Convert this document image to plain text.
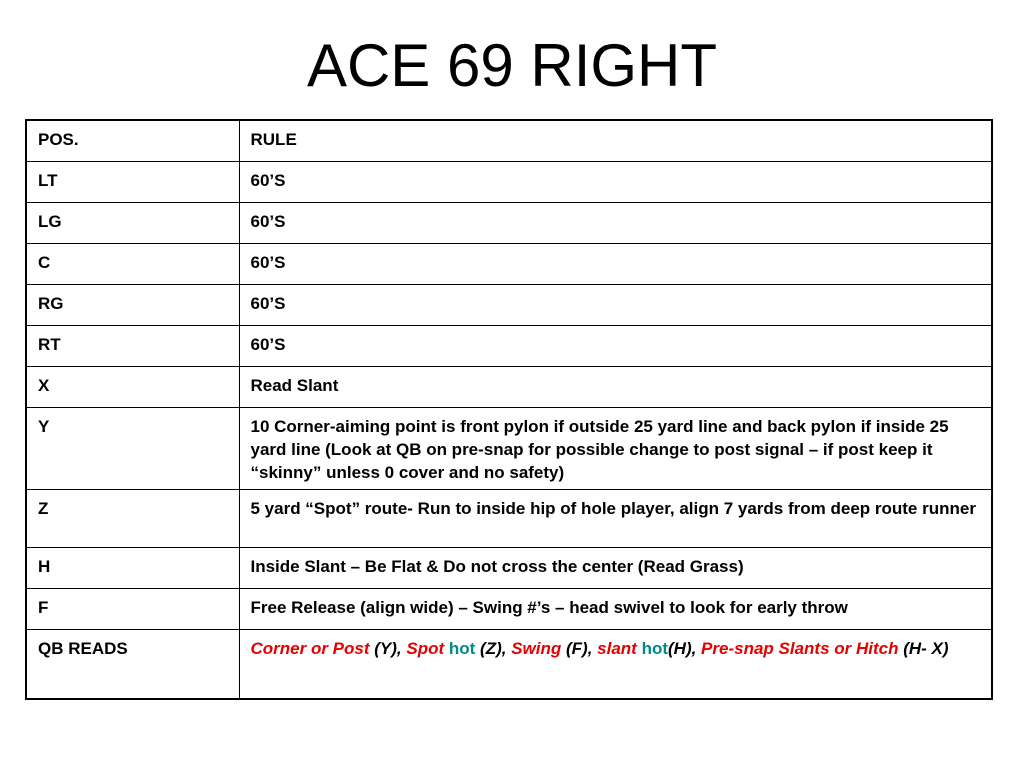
ACE 69 RIGHT
POS.	RULE
LT	60’S
LG	60’S
C	60’S
RG	60’S
RT	60’S
X	Read Slant
Y	10 Corner-aiming point is front pylon if outside 25 yard line and back pylon if inside 25 yard line (Look at QB on pre-snap for possible change to post signal – if post keep it “skinny” unless 0 cover and no safety)
Z	5 yard “Spot” route- Run to inside hip of hole player, align 7 yards from deep route runner
H	Inside Slant – Be Flat & Do not cross the center (Read Grass)
F	Free Release (align wide) – Swing #’s – head swivel to look for early throw
QB READS	Corner or Post (Y), Spot hot (Z), Swing (F), slant hot(H), Pre-snap Slants or Hitch (H- X)
